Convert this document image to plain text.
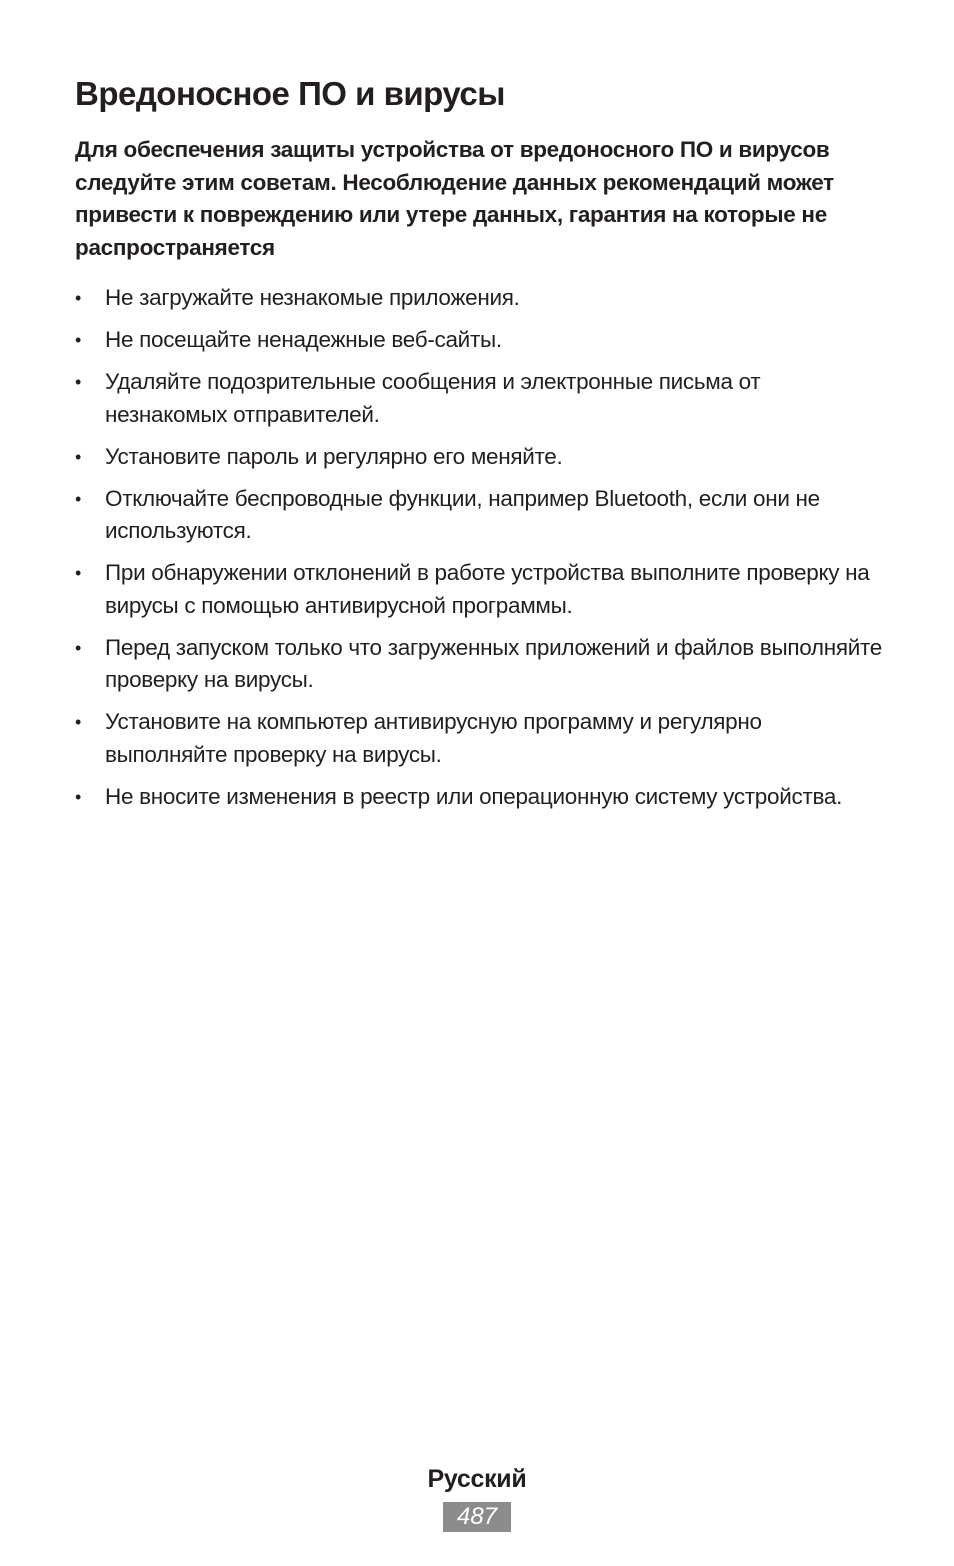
Вредоносное ПО и вирусы

Для обеспечения защиты устройства от вредоносного ПО и вирусов следуйте этим советам. Несоблюдение данных рекомендаций может привести к повреждению или утере данных, гарантия на которые не распространяется

• Не загружайте незнакомые приложения.
• Не посещайте ненадежные веб-сайты.
• Удаляйте подозрительные сообщения и электронные письма от незнакомых отправителей.
• Установите пароль и регулярно его меняйте.
• Отключайте беспроводные функции, например Bluetooth, если они не используются.
• При обнаружении отклонений в работе устройства выполните проверку на вирусы с помощью антивирусной программы.
• Перед запуском только что загруженных приложений и файлов выполняйте проверку на вирусы.
• Установите на компьютер антивирусную программу и регулярно выполняйте проверку на вирусы.
• Не вносите изменения в реестр или операционную систему устройства.
Русский
487
